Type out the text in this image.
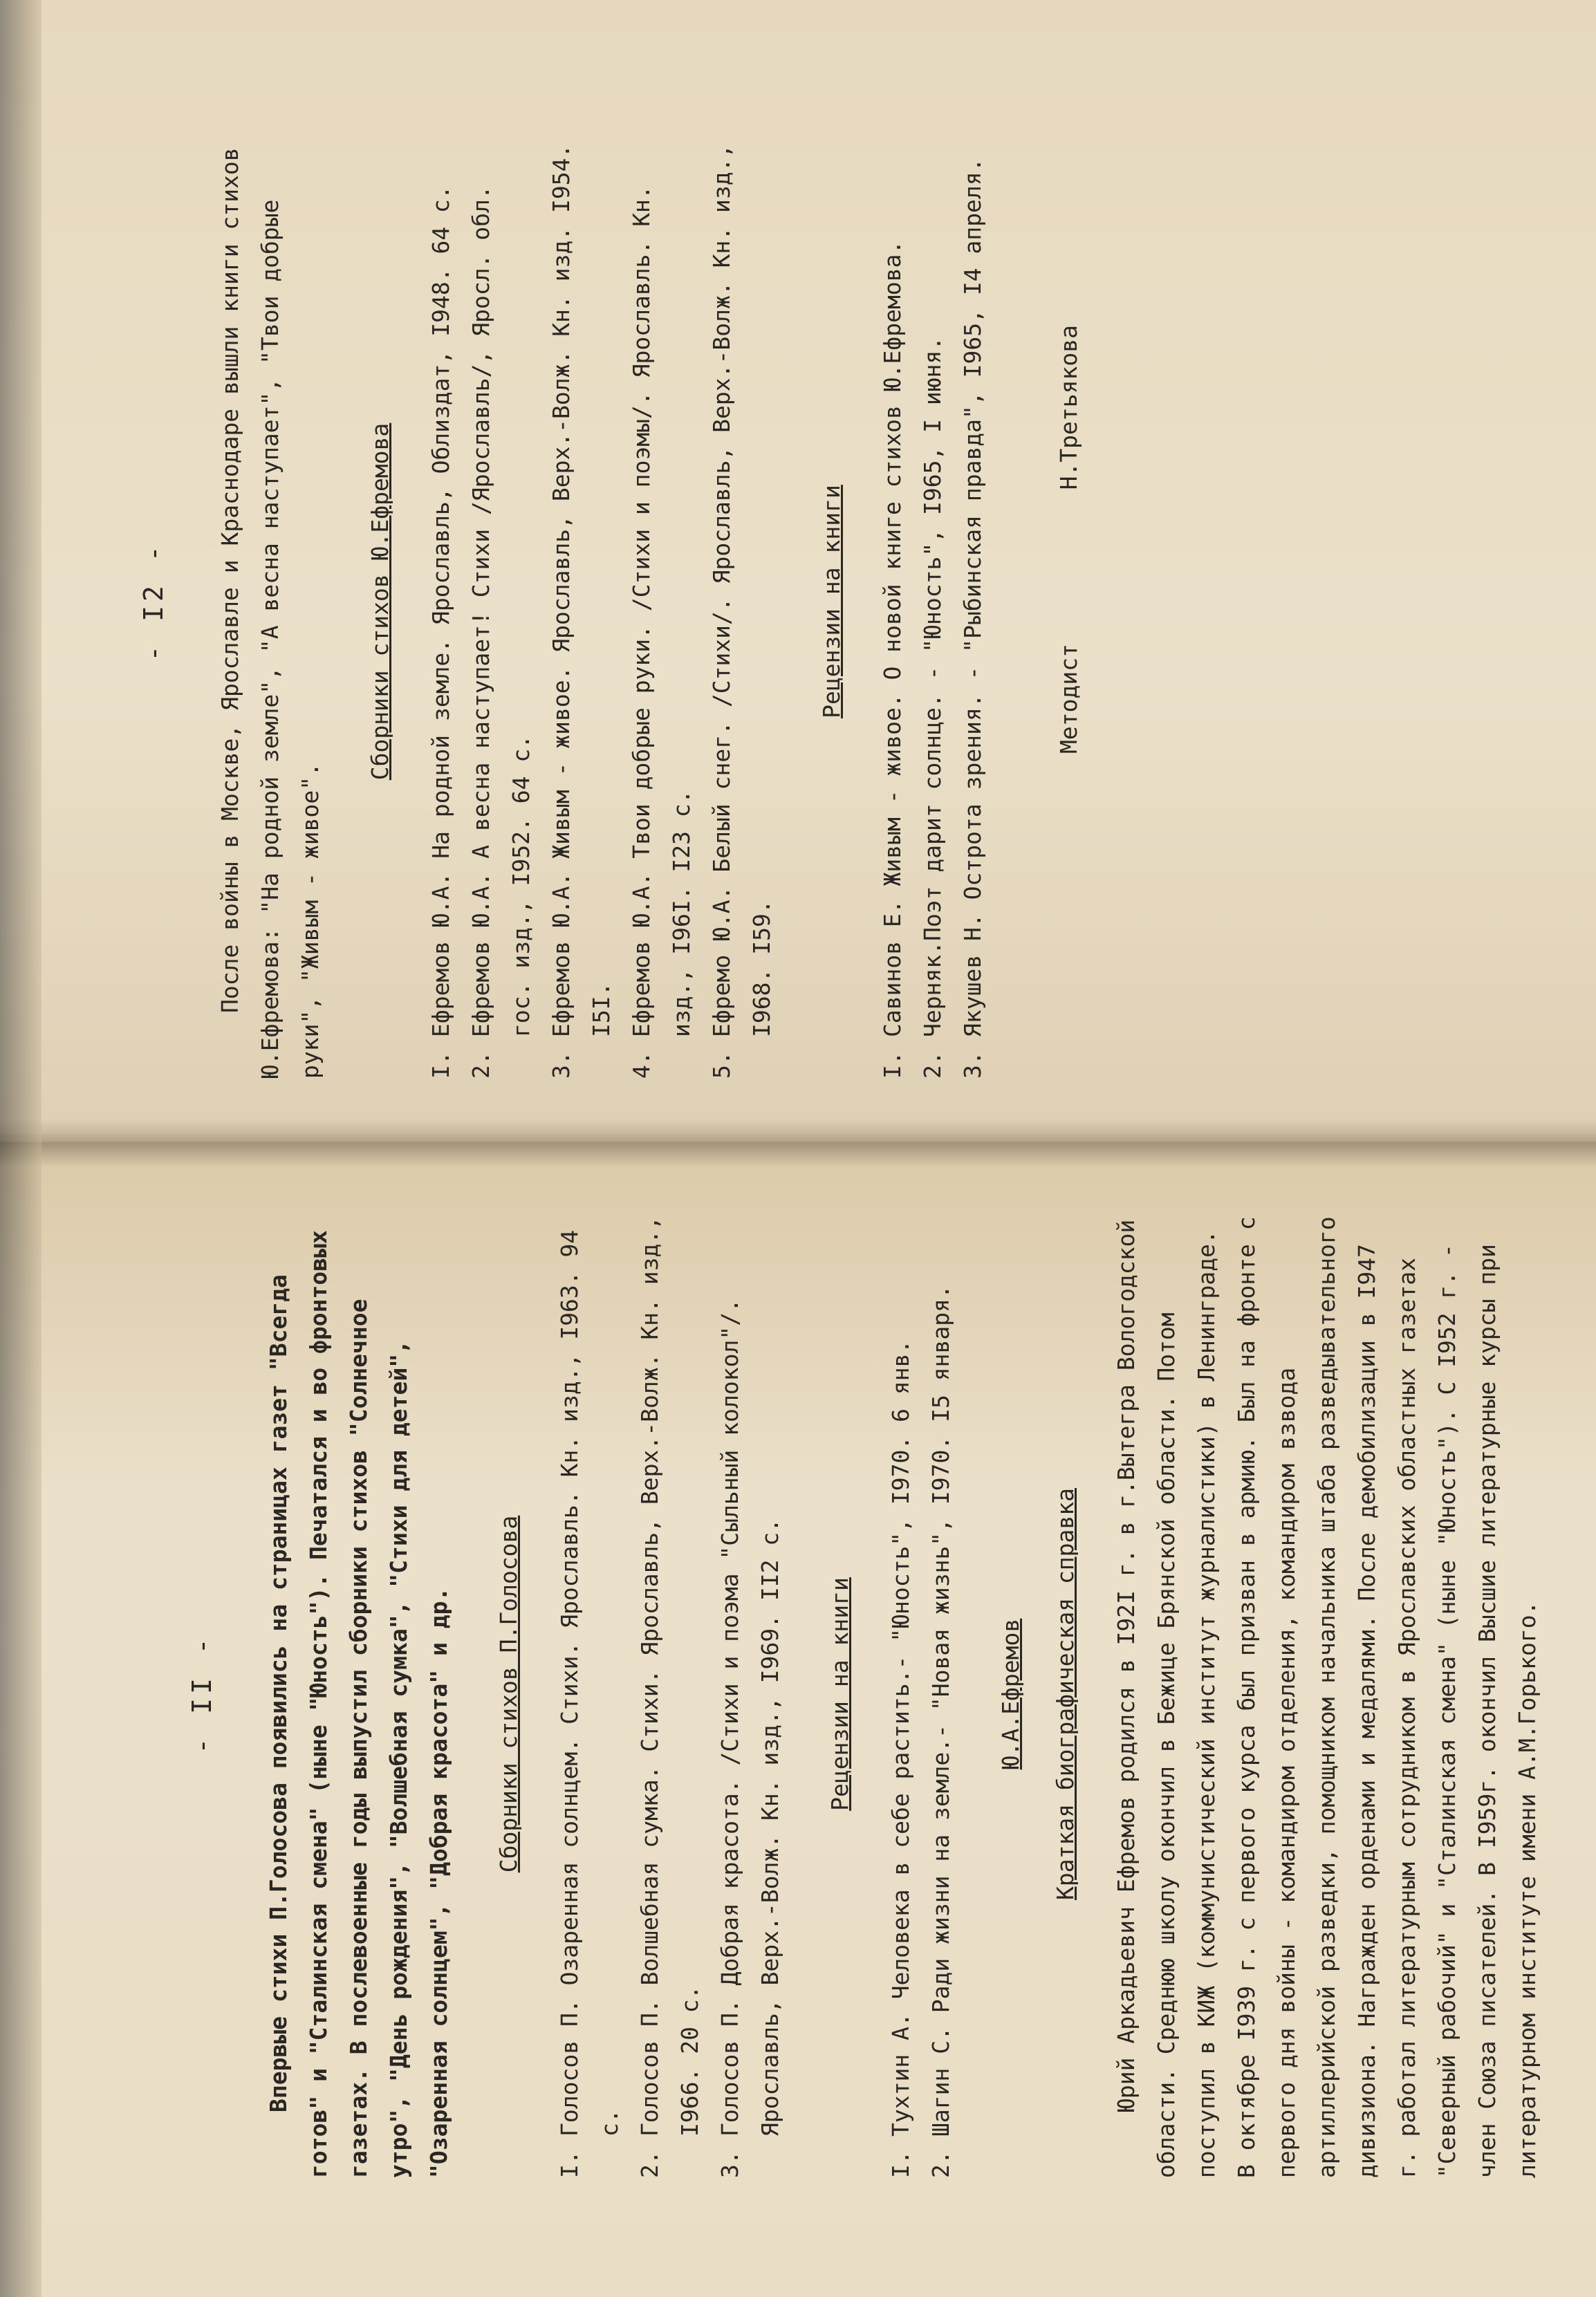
- I2 - После войны в Москве, Ярославле и Краснодаре вышли книги стихов Ю.Ефремова: "На родной земле", "А весна наступает", "Твои добрые руки", "Живым - живое".

Сборники стихов Ю.Ефремова
I.Ефремов Ю.А. На родной земле. Ярославль, Облиздат, I948. 64 с.
2.Ефремов Ю.А. А весна наступает! Стихи /Ярославль/, Яросл. обл. гос. изд., I952. 64 с.
3.Ефремов Ю.А. Живым - живое. Ярославль, Верх.-Волж. Кн. изд. I954. I5I.
4.Ефремов Ю.А. Твои добрые руки. /Стихи и поэмы/. Ярославль. Кн. изд., I96I. I23 с.
5.Ефремо Ю.А. Белый снег. /Стихи/. Ярославль, Верх.-Волж. Кн. изд., I968. I59.
Рецензии на книги
I.Савинов Е. Живым - живое. О новой книге стихов Ю.Ефремова.
2.Черняк.Поэт дарит солнце. - "Юность", I965, I июня.
3.Якушев Н. Острота зрения. - "Рыбинская правда", I965, I4 апреля.	Методист
Н.Третьякова
- II - Впервые стихи П.Голосова появились на страницах газет "Всегда готов" и "Сталинская смена" (ныне "Юность"). Печатался и во фронтовых газетах. В послевоенные годы выпустил сборники стихов "Солнечное утро", "День рождения", "Волшебная сумка", "Стихи для детей", "Озаренная солнцем", "Добрая красота" и др.	Сборники стихов П.Голосова
I.Голосов П. Озаренная солнцем. Стихи. Ярославль. Кн. изд., I963. 94 с.
2.Голосов П. Волшебная сумка. Стихи. Ярославль, Верх.-Волж. Кн. изд., I966. 20 с.
3.Голосов П. Добрая красота. /Стихи и поэма "Сыльный колокол"/. Ярославль, Верх.-Волж. Кн. изд., I969. II2 с.	Рецензии на книги
I.Тухтин А. Человека в себе растить.- "Юность", I970. 6 янв.
2.Шагин С. Ради жизни на земле.- "Новая жизнь", I970. I5 января.	Ю.А.Ефремов Краткая биографическая справка Юрий Аркадьевич Ефремов родился в I92I г. в г.Вытегра Вологодской области. Среднюю школу окончил в Бежице Брянской области. Потом поступил в КИЖ (коммунистический институт журналистики) в Ленинграде. В октябре I939 г. с первого курса был призван в армию. Был на фронте с первого дня войны - командиром отделения, командиром взвода артиллерийской разведки, помощником начальника штаба разведывательного дивизиона. Награжден орденами и медалями. После демобилизации в I947 г. работал литературным сотрудником в Ярославских областных газетах "Северный рабочий" и "Сталинская смена" (ныне "Юность"). С I952 г. - член Союза писателей. В I959г. окончил Высшие литературные курсы при литературном институте имени А.М.Горького.
